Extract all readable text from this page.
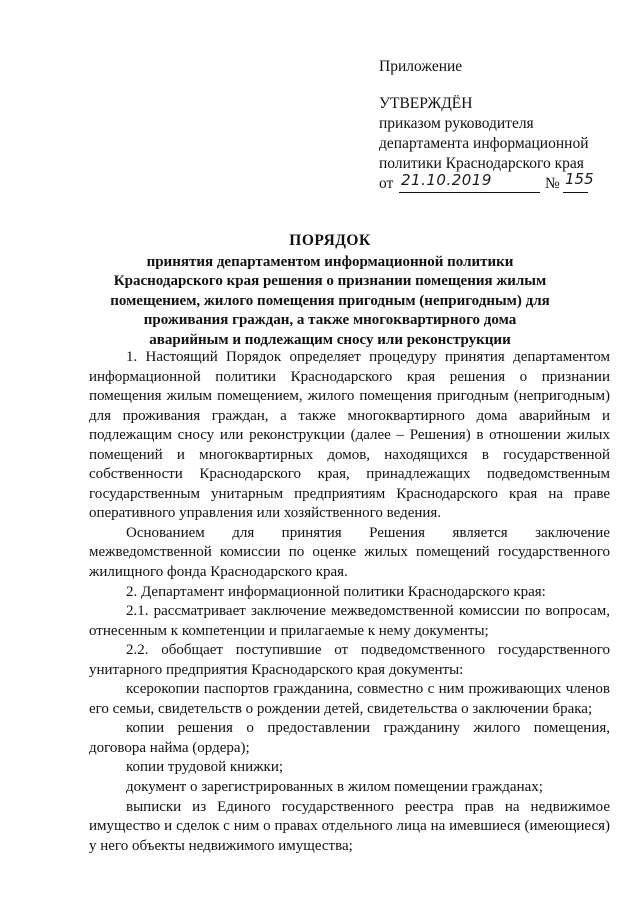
Приложение
УТВЕРЖДЁН
приказом руководителя
департамента информационной
политики Краснодарского края
от 21.10.2019	№ 155
ПОРЯДОК
принятия департаментом информационной политики
Краснодарского края решения о признании помещения жилым
помещением, жилого помещения пригодным (непригодным) для
проживания граждан, а также многоквартирного дома
аварийным и подлежащим сносу или реконструкции

1. Настоящий Порядок определяет процедуру принятия департаментом информационной политики Краснодарского края решения о признании помещения жилым помещением, жилого помещения пригодным (непригодным) для проживания граждан, а также многоквартирного дома аварийным и подлежащим сносу или реконструкции (далее – Решения) в отношении жилых помещений и многоквартирных домов, находящихся в государственной собственности Краснодарского края, принадлежащих подведомственным государственным унитарным предприятиям Краснодарского края на праве оперативного управления или хозяйственного ведения.

Основанием для принятия Решения является заключение межведомственной комиссии по оценке жилых помещений государственного жилищного фонда Краснодарского края.

2. Департамент информационной политики Краснодарского края:

2.1. рассматривает заключение межведомственной комиссии по вопросам, отнесенным к компетенции и прилагаемые к нему документы;

2.2. обобщает поступившие от подведомственного государственного унитарного предприятия Краснодарского края документы:

ксерокопии паспортов гражданина, совместно с ним проживающих членов его семьи, свидетельств о рождении детей, свидетельства о заключении брака;

копии решения о предоставлении гражданину жилого помещения, договора найма (ордера);

копии трудовой книжки;

документ о зарегистрированных в жилом помещении гражданах;

выписки из Единого государственного реестра прав на недвижимое имущество и сделок с ним о правах отдельного лица на имевшиеся (имеющиеся) у него объекты недвижимого имущества;
